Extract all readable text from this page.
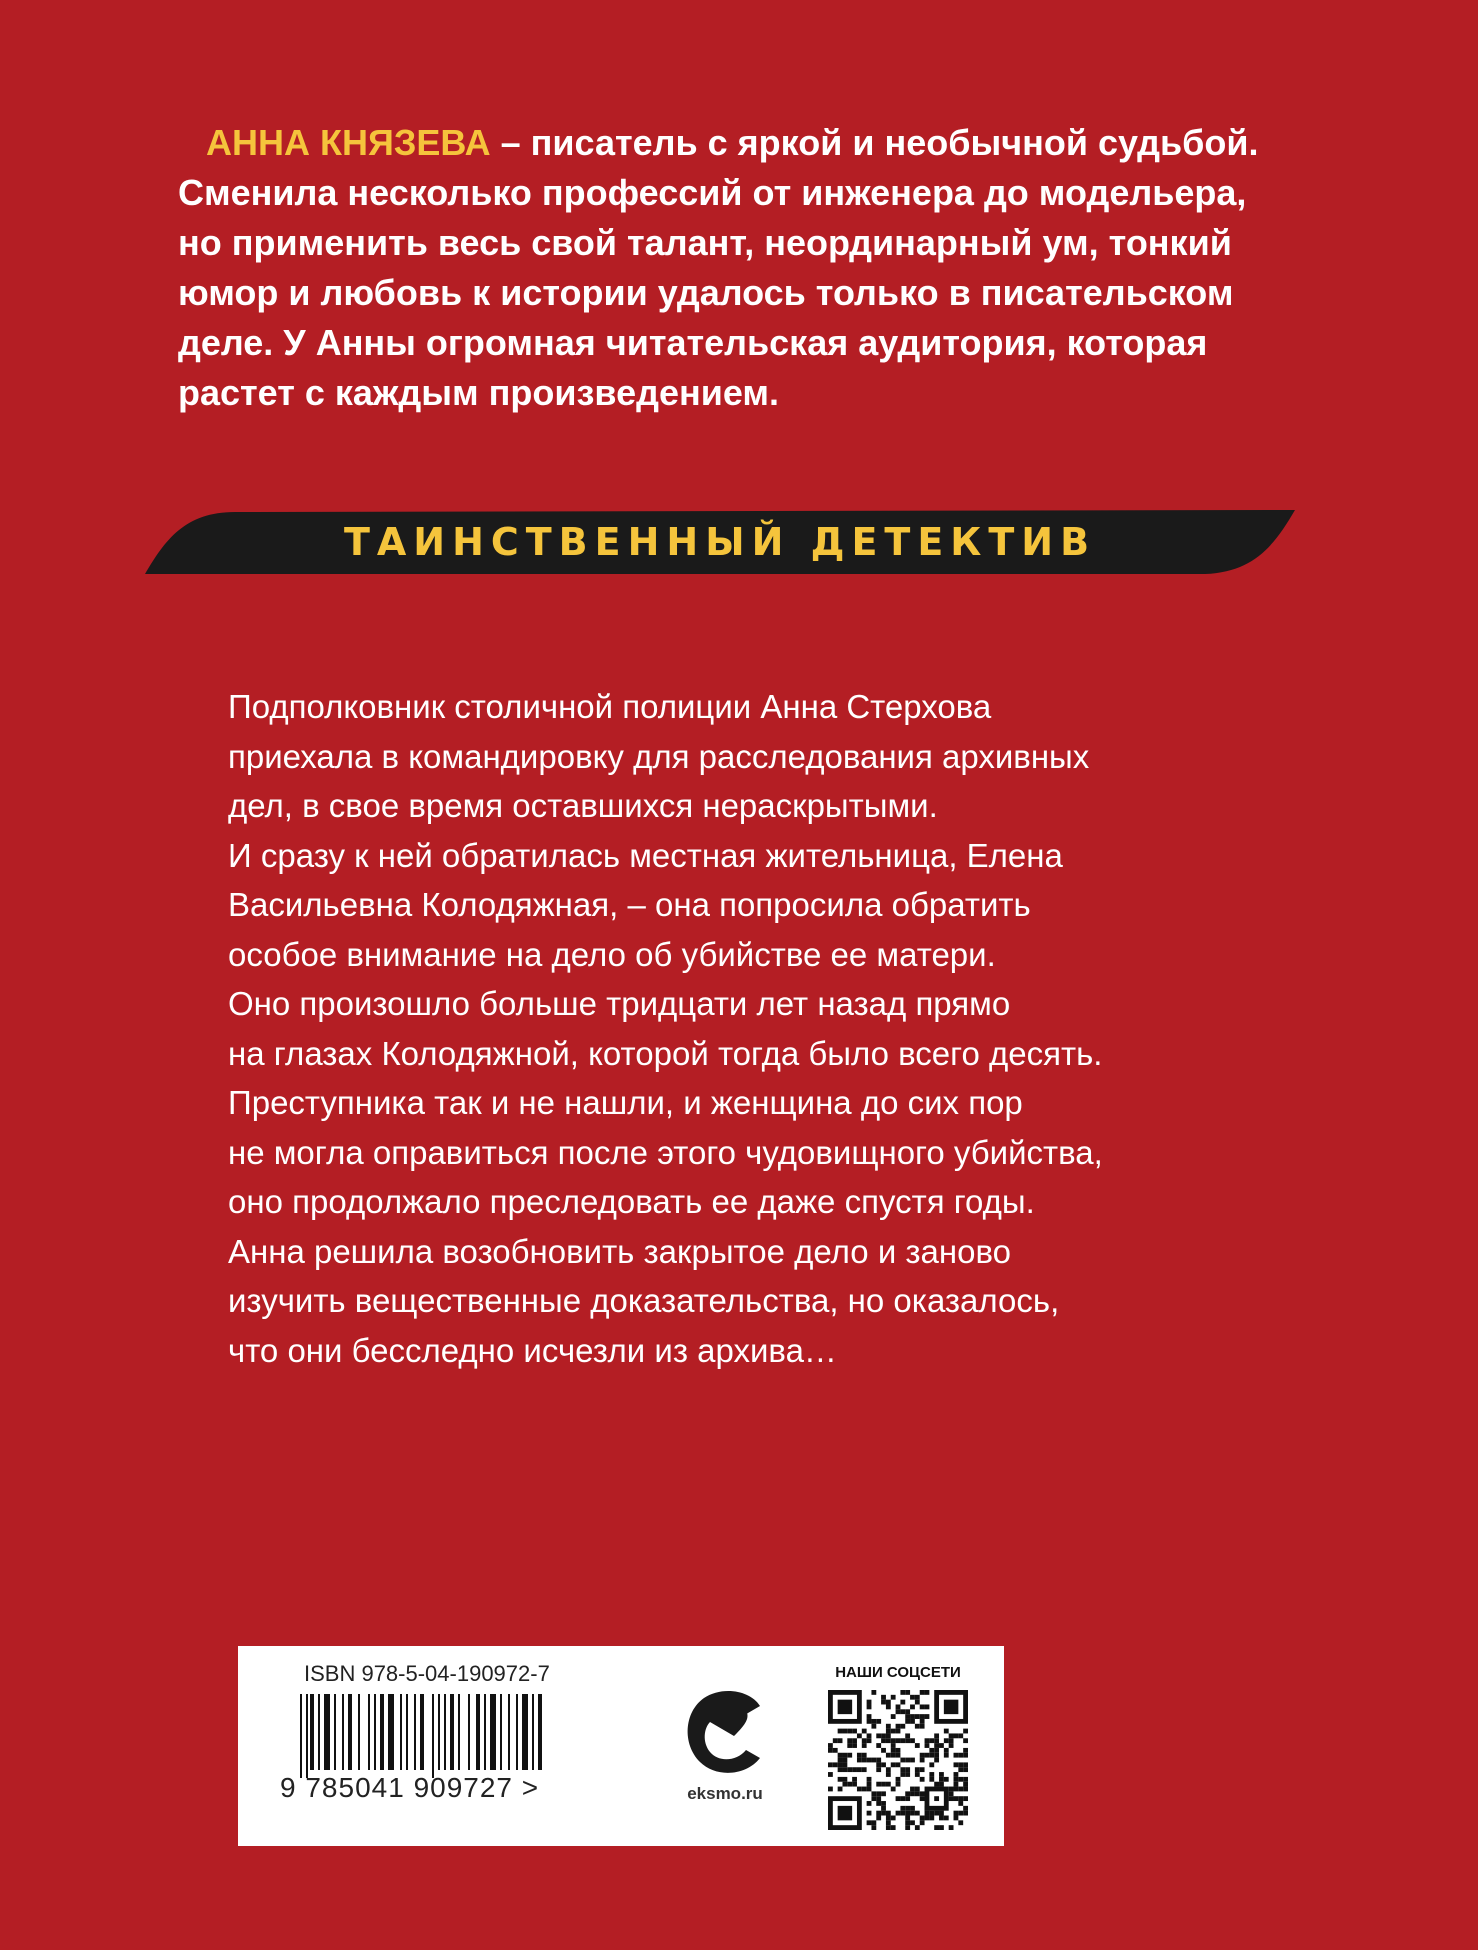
АННА КНЯЗЕВА – писатель с яркой и необычной судьбой.
Сменила несколько профессий от инженера до модельера,
но применить весь свой талант, неординарный ум, тонкий
юмор и любовь к истории удалось только в писательском
деле. У Анны огромная читательская аудитория, которая
растет с каждым произведением.
ТАИНСТВЕННЫЙ ДЕТЕКТИВ
Подполковник столичной полиции Анна Стерхова
приехала в командировку для расследования архивных
дел, в свое время оставшихся нераскрытыми.
И сразу к ней обратилась местная жительница, Елена
Васильевна Колодяжная, – она попросила обратить
особое внимание на дело об убийстве ее матери.
Оно произошло больше тридцати лет назад прямо
на глазах Колодяжной, которой тогда было всего десять.
Преступника так и не нашли, и женщина до сих пор
не могла оправиться после этого чудовищного убийства,
оно продолжало преследовать ее даже спустя годы.
Анна решила возобновить закрытое дело и заново
изучить вещественные доказательства, но оказалось,
что они бесследно исчезли из архива…
ISBN 978-5-04-190972-7
9 785041 909727 >	eksmo.ru
НАШИ СОЦСЕТИ
